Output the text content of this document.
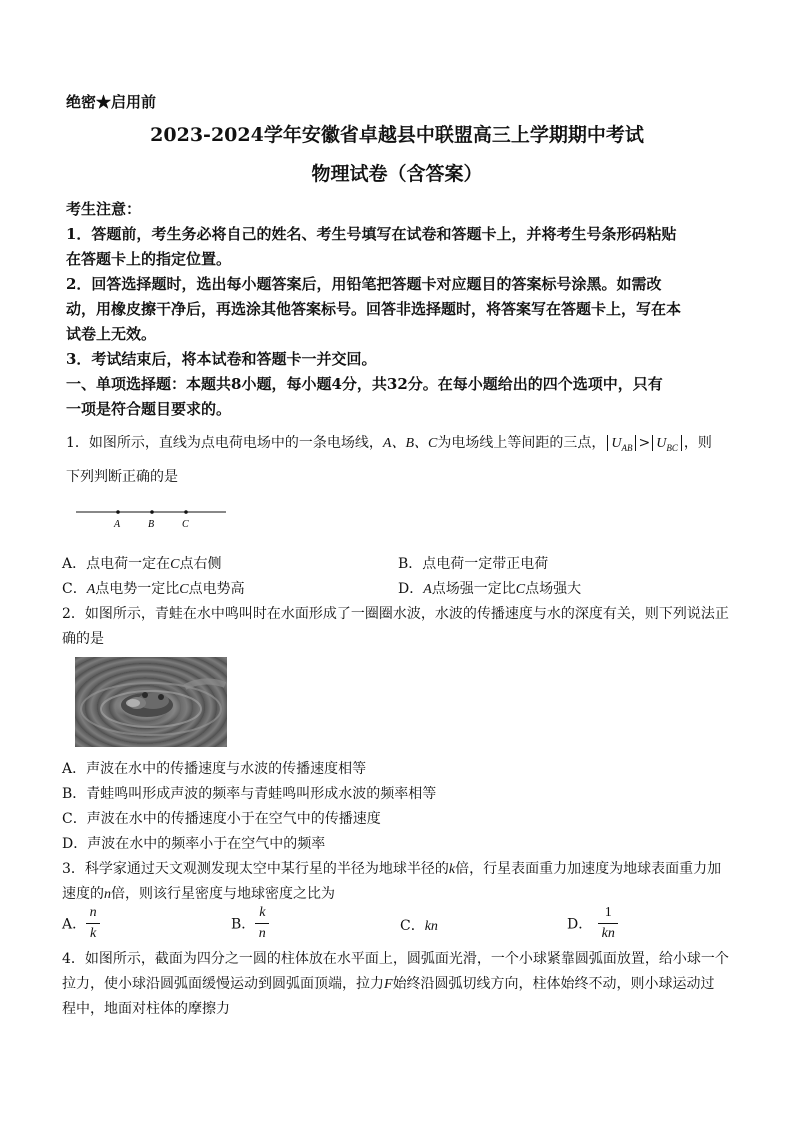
绝密★启用前
2023-2024学年安徽省卓越县中联盟高三上学期期中考试
物理试卷（含答案）
考生注意：
1．答题前，考生务必将自己的姓名、考生号填写在试卷和答题卡上，并将考生号条形码粘贴
在答题卡上的指定位置。
2．回答选择题时，选出每小题答案后，用铅笔把答题卡对应题目的答案标号涂黑。如需改
动，用橡皮擦干净后，再选涂其他答案标号。回答非选择题时，将答案写在答题卡上，写在本
试卷上无效。
3．考试结束后，将本试卷和答题卡一并交回。
一、单项选择题：本题共8小题，每小题4分，共32分。在每小题给出的四个选项中，只有
一项是符合题目要求的。
1．如图所示，直线为点电荷电场中的一条电场线，A、B、C为电场线上等间距的三点， $U_{AB} > U_{BC}$ ，则
下列判断正确的是
A	B	C
A．点电荷一定在C点右侧	B．点电荷一定带正电荷
C．A点电势一定比C点电势高	D．A点场强一定比C点场强大
2．如图所示，青蛙在水中鸣叫时在水面形成了一圈圈水波，水波的传播速度与水的深度有关，则下列说法正
确的是
A．声波在水中的传播速度与水波的传播速度相等
B．青蛙鸣叫形成声波的频率与青蛙鸣叫形成水波的频率相等
C．声波在水中的传播速度小于在空气中的传播速度
D．声波在水中的频率小于在空气中的频率
3．科学家通过天文观测发现太空中某行星的半径为地球半径的k倍，行星表面重力加速度为地球表面重力加
速度的n倍，则该行星密度与地球密度之比为
A． $\frac{n}{k}$	B． $\frac{k}{n}$	C．kn	D． $\frac{1}{kn}$
4．如图所示，截面为四分之一圆的柱体放在水平面上，圆弧面光滑，一个小球紧靠圆弧面放置，给小球一个
拉力，使小球沿圆弧面缓慢运动到圆弧面顶端，拉力F始终沿圆弧切线方向，柱体始终不动，则小球运动过
程中，地面对柱体的摩擦力
